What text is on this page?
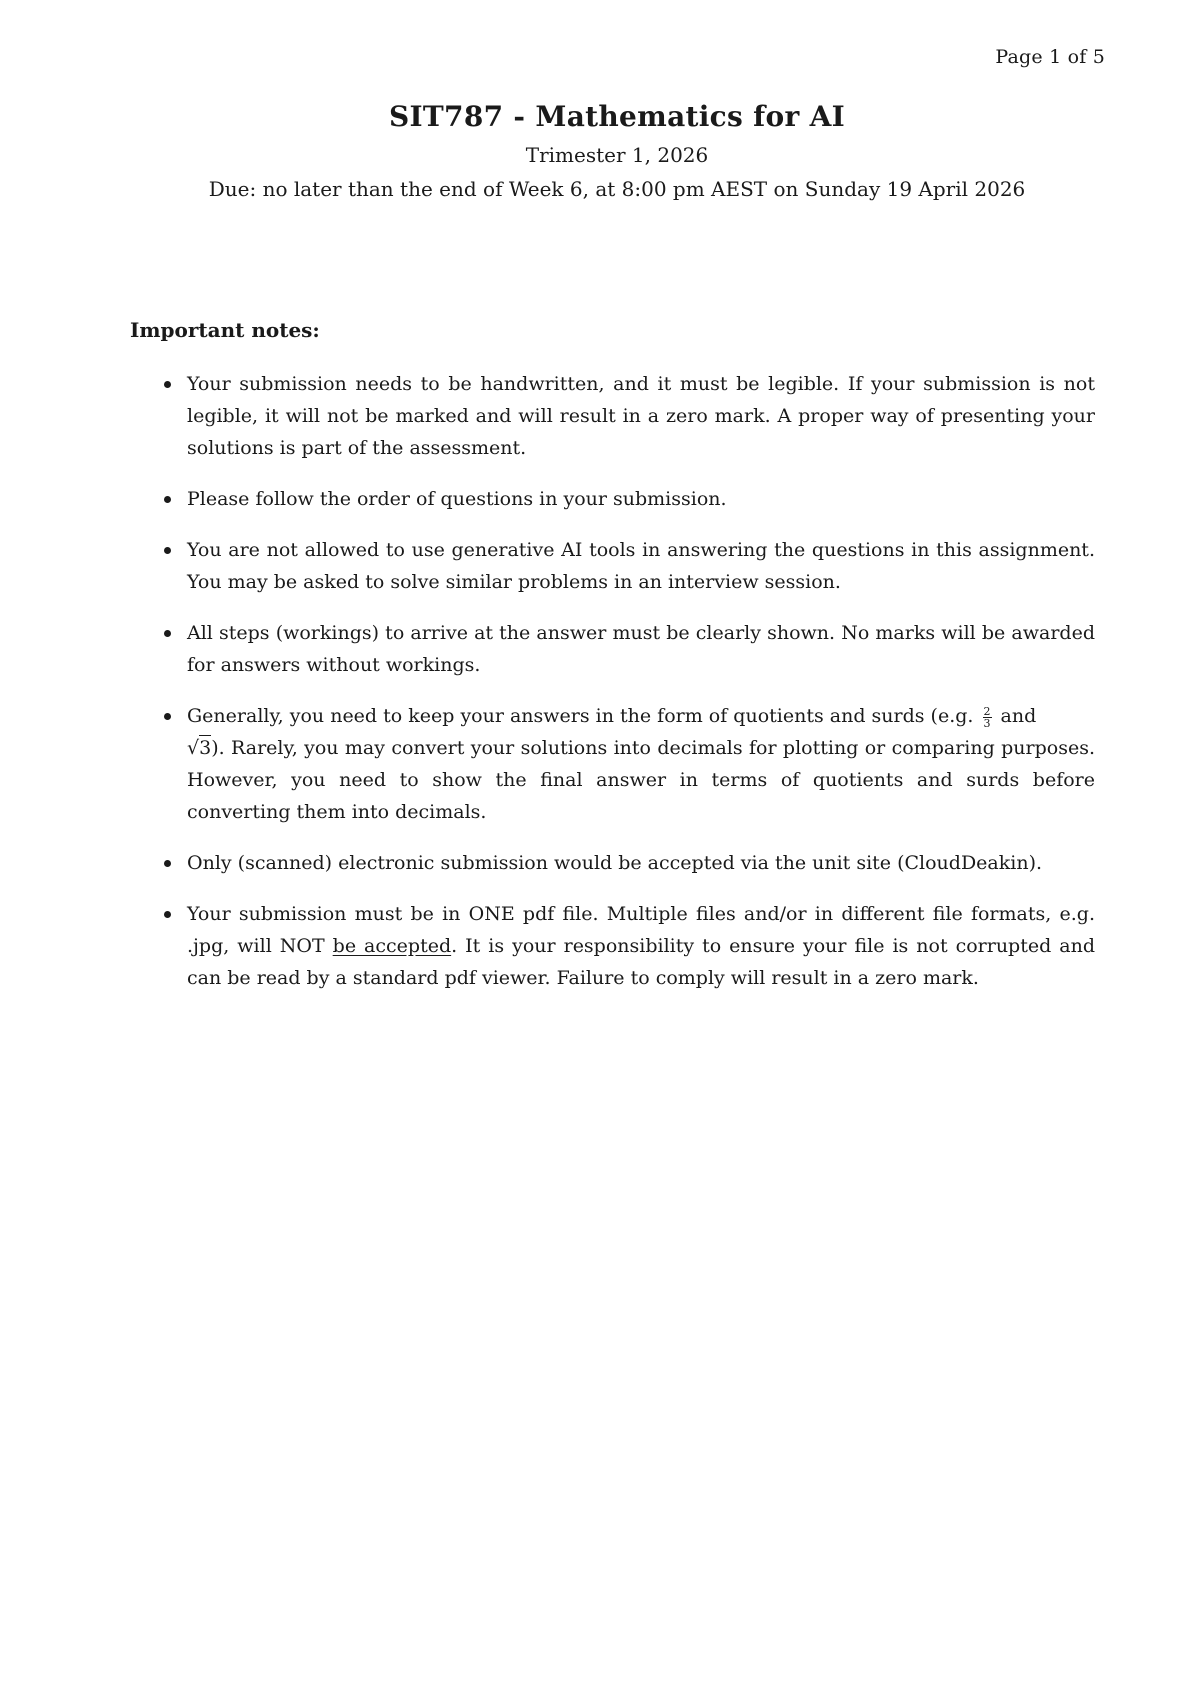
Page 1 of 5
SIT787 - Mathematics for AI

Trimester 1, 2026

Due: no later than the end of Week 6, at 8:00 pm AEST on Sunday 19 April 2026

Important notes:

Your submission needs to be handwritten, and it must be legible. If your submission is not legible, it will not be marked and will result in a zero mark. A proper way of presenting your solutions is part of the assessment.
Please follow the order of questions in your submission.
You are not allowed to use generative AI tools in answering the questions in this assignment. You may be asked to solve similar problems in an interview session.
All steps (workings) to arrive at the answer must be clearly shown. No marks will be awarded for answers without workings.
Generally, you need to keep your answers in the form of quotients and surds (e.g. $\frac{2}{3}$ and
√3). Rarely, you may convert your solutions into decimals for plotting or comparing purposes. However, you need to show the final answer in terms of quotients and surds before converting them into decimals.
Only (scanned) electronic submission would be accepted via the unit site (CloudDeakin).
Your submission must be in ONE pdf file. Multiple files and/or in different file formats, e.g. .jpg, will NOT be accepted. It is your responsibility to ensure your file is not corrupted and can be read by a standard pdf viewer. Failure to comply will result in a zero mark.
